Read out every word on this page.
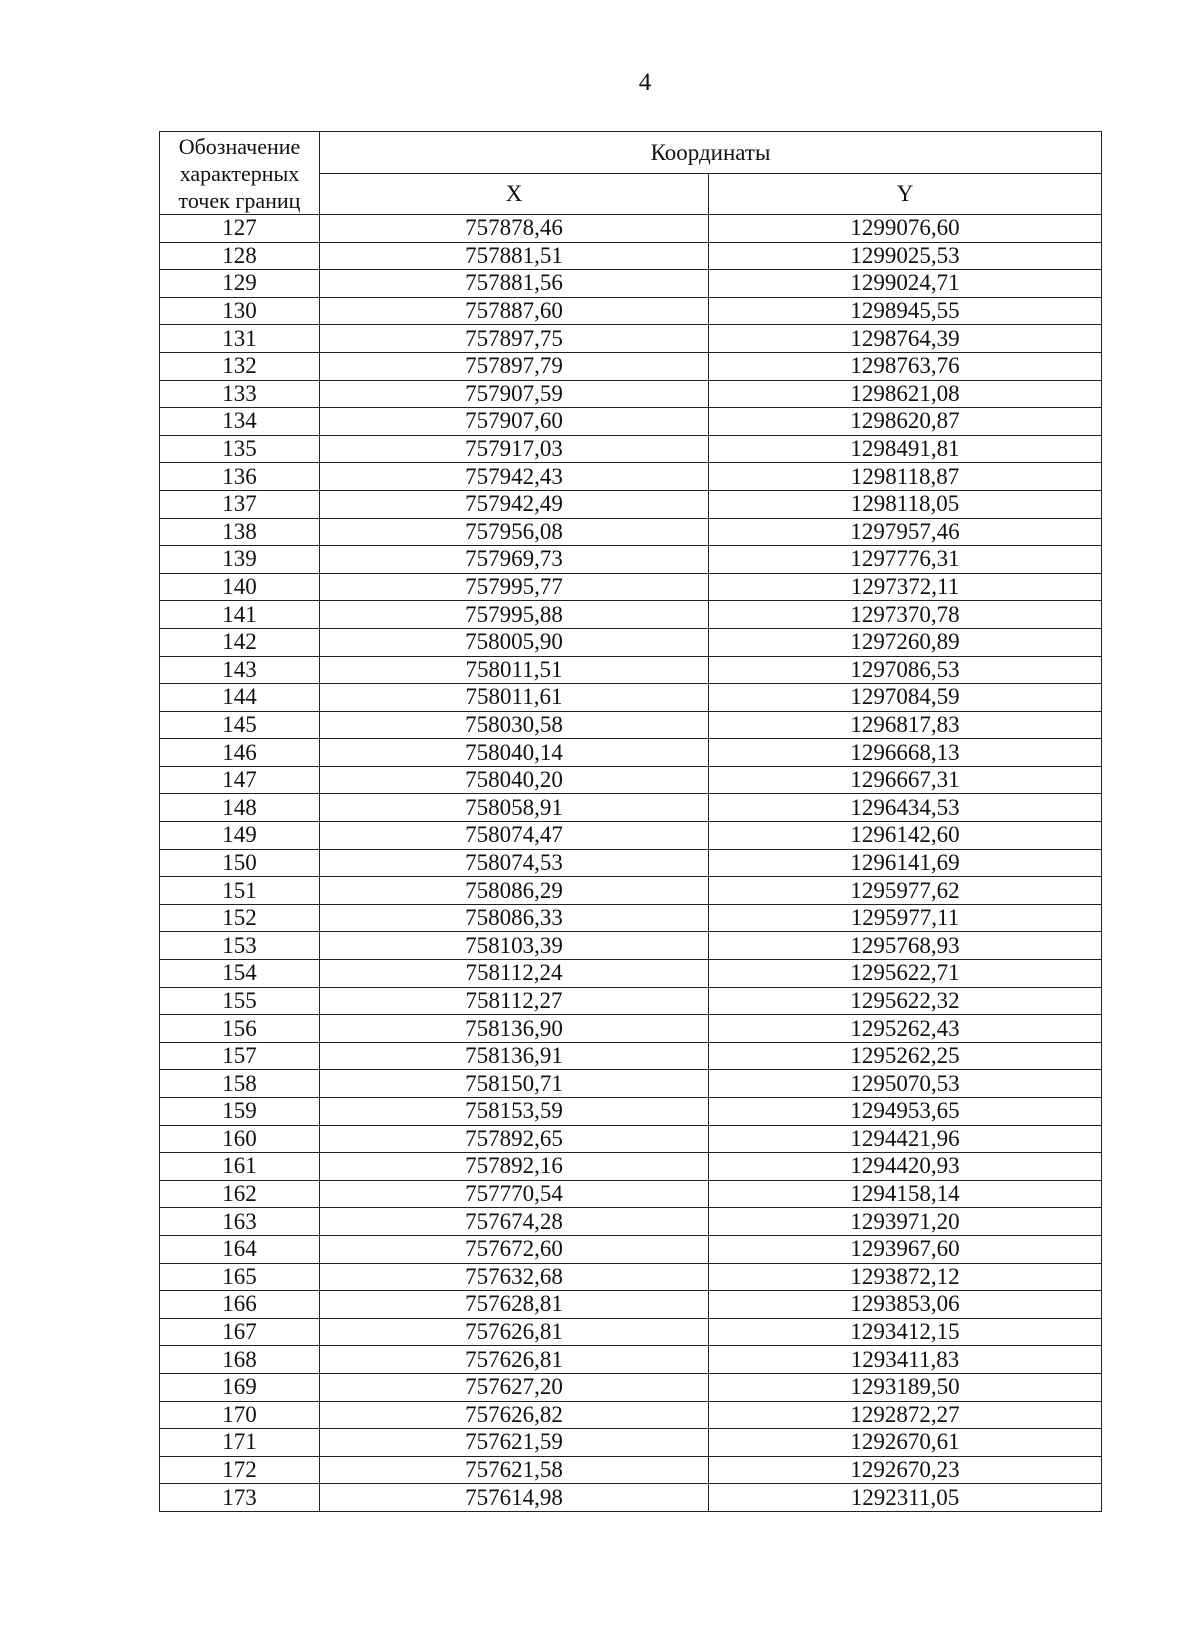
4
Обозначение характерных точек границ	Координаты	
	X	Y
127	757878,46	1299076,60
128	757881,51	1299025,53
129	757881,56	1299024,71
130	757887,60	1298945,55
131	757897,75	1298764,39
132	757897,79	1298763,76
133	757907,59	1298621,08
134	757907,60	1298620,87
135	757917,03	1298491,81
136	757942,43	1298118,87
137	757942,49	1298118,05
138	757956,08	1297957,46
139	757969,73	1297776,31
140	757995,77	1297372,11
141	757995,88	1297370,78
142	758005,90	1297260,89
143	758011,51	1297086,53
144	758011,61	1297084,59
145	758030,58	1296817,83
146	758040,14	1296668,13
147	758040,20	1296667,31
148	758058,91	1296434,53
149	758074,47	1296142,60
150	758074,53	1296141,69
151	758086,29	1295977,62
152	758086,33	1295977,11
153	758103,39	1295768,93
154	758112,24	1295622,71
155	758112,27	1295622,32
156	758136,90	1295262,43
157	758136,91	1295262,25
158	758150,71	1295070,53
159	758153,59	1294953,65
160	757892,65	1294421,96
161	757892,16	1294420,93
162	757770,54	1294158,14
163	757674,28	1293971,20
164	757672,60	1293967,60
165	757632,68	1293872,12
166	757628,81	1293853,06
167	757626,81	1293412,15
168	757626,81	1293411,83
169	757627,20	1293189,50
170	757626,82	1292872,27
171	757621,59	1292670,61
172	757621,58	1292670,23
173	757614,98	1292311,05
